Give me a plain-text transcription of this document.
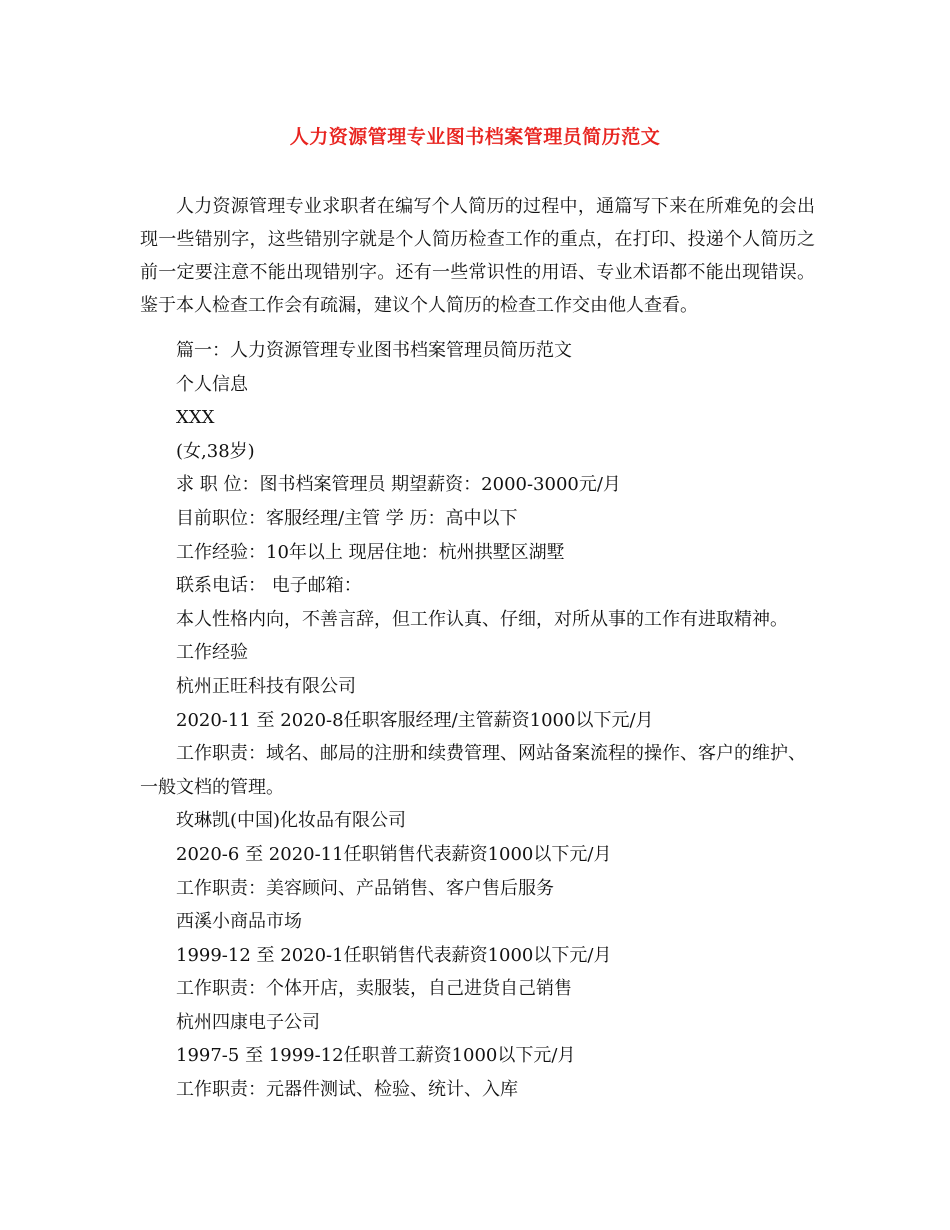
人力资源管理专业图书档案管理员简历范文
人力资源管理专业求职者在编写个人简历的过程中，通篇写下来在所难免的会出现一些错别字，这些错别字就是个人简历检查工作的重点，在打印、投递个人简历之前一定要注意不能出现错别字。还有一些常识性的用语、专业术语都不能出现错误。鉴于本人检查工作会有疏漏，建议个人简历的检查工作交由他人查看。
篇一：人力资源管理专业图书档案管理员简历范文
个人信息
XXX
(女,38岁)
求 职 位：图书档案管理员 期望薪资：2000-3000元/月
目前职位：客服经理/主管 学 历：高中以下
工作经验：10年以上 现居住地：杭州拱墅区湖墅
联系电话： 电子邮箱：
本人性格内向，不善言辞，但工作认真、仔细，对所从事的工作有进取精神。
工作经验
杭州正旺科技有限公司
2020-11 至 2020-8任职客服经理/主管薪资1000以下元/月
工作职责：域名、邮局的注册和续费管理、网站备案流程的操作、客户的维护、一般文档的管理。
玫琳凯(中国)化妆品有限公司
2020-6 至 2020-11任职销售代表薪资1000以下元/月
工作职责：美容顾问、产品销售、客户售后服务
西溪小商品市场
1999-12 至 2020-1任职销售代表薪资1000以下元/月
工作职责：个体开店，卖服装，自己进货自己销售
杭州四康电子公司
1997-5 至 1999-12任职普工薪资1000以下元/月
工作职责：元器件测试、检验、统计、入库
